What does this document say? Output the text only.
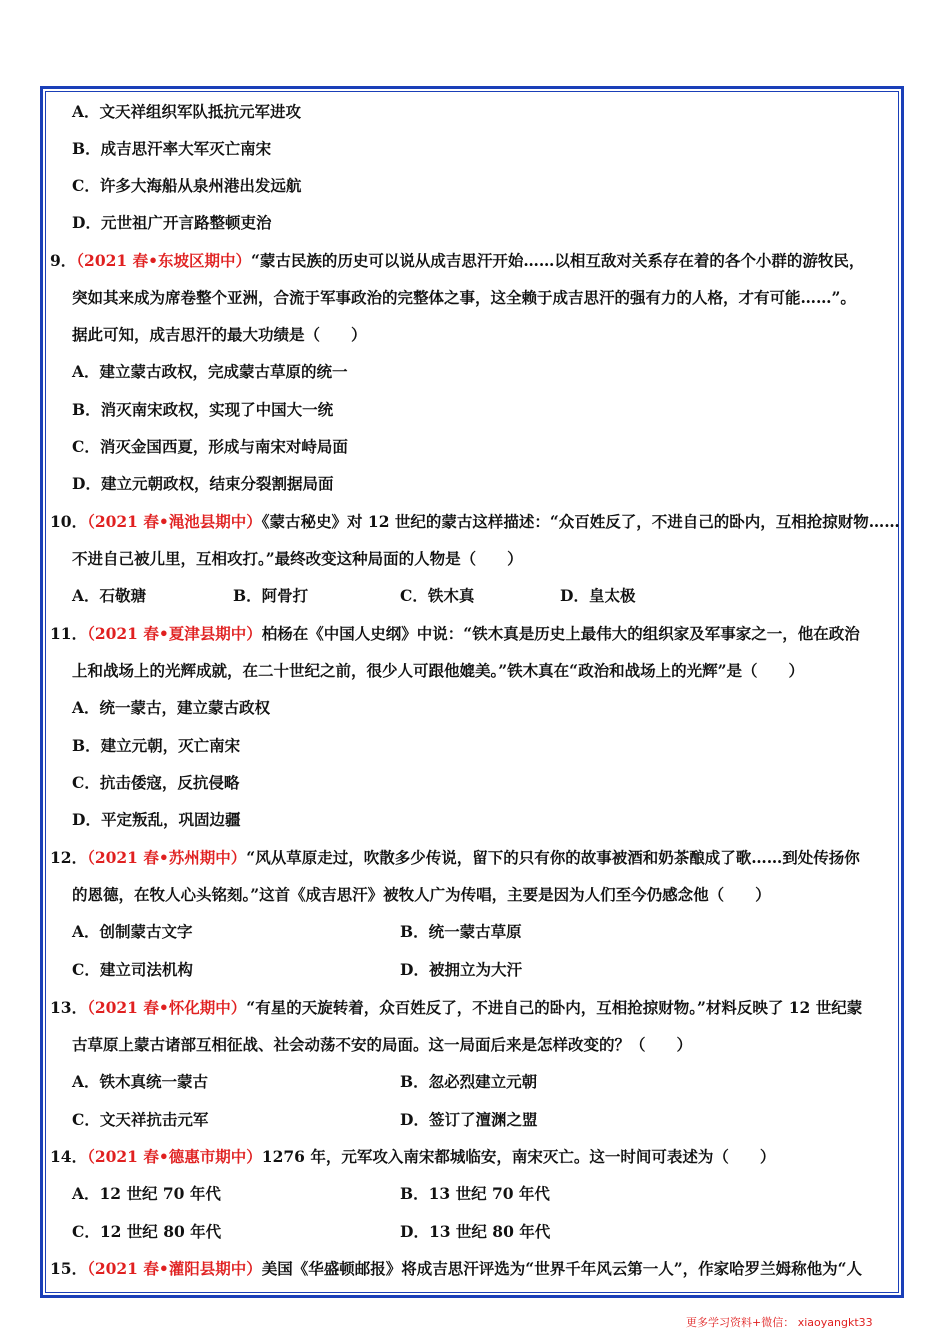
A．文天祥组织军队抵抗元军进攻
B．成吉思汗率大军灭亡南宋
C．许多大海船从泉州港出发远航
D．元世祖广开言路整顿吏治
9．（2021 春•东坡区期中）“蒙古民族的历史可以说从成吉思汗开始……以相互敌对关系存在着的各个小群的游牧民，
突如其来成为席卷整个亚洲，合流于军事政治的完整体之事，这全赖于成吉思汗的强有力的人格，才有可能……”。
据此可知，成吉思汗的最大功绩是（　　）
A．建立蒙古政权，完成蒙古草原的统一
B．消灭南宋政权，实现了中国大一统
C．消灭金国西夏，形成与南宋对峙局面
D．建立元朝政权，结束分裂割据局面
10．（2021 春•渑池县期中）《蒙古秘史》对 12 世纪的蒙古这样描述：“众百姓反了，不进自己的卧内，互相抢掠财物……
不进自己被儿里，互相攻打。”最终改变这种局面的人物是（　　）
A．石敬瑭	B．阿骨打	C．铁木真	D．皇太极
11．（2021 春•夏津县期中）柏杨在《中国人史纲》中说：“铁木真是历史上最伟大的组织家及军事家之一，他在政治
上和战场上的光辉成就，在二十世纪之前，很少人可跟他媲美。”铁木真在“政治和战场上的光辉”是（　　）
A．统一蒙古，建立蒙古政权
B．建立元朝，灭亡南宋
C．抗击倭寇，反抗侵略
D．平定叛乱，巩固边疆
12．（2021 春•苏州期中）“风从草原走过，吹散多少传说，留下的只有你的故事被酒和奶茶酿成了歌……到处传扬你
的恩德，在牧人心头铭刻。”这首《成吉思汗》被牧人广为传唱，主要是因为人们至今仍感念他（　　）
A．创制蒙古文字	B．统一蒙古草原
C．建立司法机构	D．被拥立为大汗
13．（2021 春•怀化期中）“有星的天旋转着，众百姓反了，不进自己的卧内，互相抢掠财物。”材料反映了 12 世纪蒙
古草原上蒙古诸部互相征战、社会动荡不安的局面。这一局面后来是怎样改变的？（　　）
A．铁木真统一蒙古	B．忽必烈建立元朝
C．文天祥抗击元军	D．签订了澶渊之盟
14．（2021 春•德惠市期中）1276 年，元军攻入南宋都城临安，南宋灭亡。这一时间可表述为（　　）
A．12 世纪 70 年代	B．13 世纪 70 年代
C．12 世纪 80 年代	D．13 世纪 80 年代
15．（2021 春•灌阳县期中）美国《华盛顿邮报》将成吉思汗评选为“世界千年风云第一人”，作家哈罗兰姆称他为“人
更多学习资料+微信： xiaoyangkt33
